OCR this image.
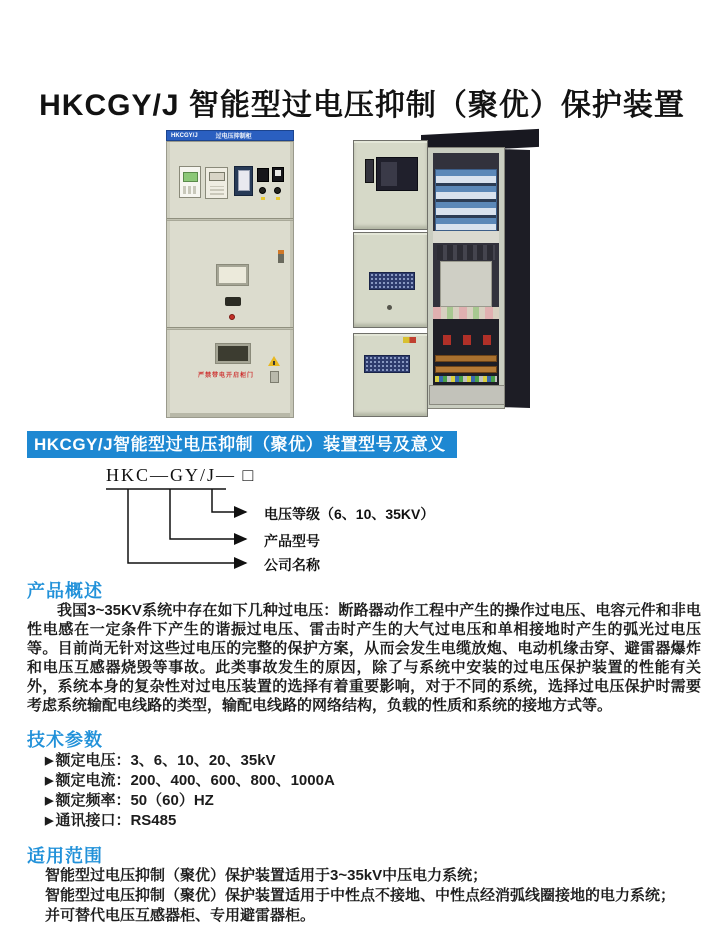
HKCGY/J 智能型过电压抑制（聚优）保护装置
HKCGY/J	过电压抑制柜
严禁带电开启柜门
HKCGY/J智能型过电压抑制（聚优）装置型号及意义
HKC—GY/J— □
电压等级（6、10、35KV）
产品型号
公司名称
产品概述

我国3~35KV系统中存在如下几种过电压：断路器动作工程中产生的操作过电压、电容元件和非电性电感在一定条件下产生的谐振过电压、雷击时产生的大气过电压和单相接地时产生的弧光过电压等。目前尚无针对这些过电压的完整的保护方案，从而会发生电缆放炮、电动机缘击穿、避雷器爆炸和电压互感器烧毁等事故。此类事故发生的原因，除了与系统中安装的过电压保护装置的性能有关外，系统本身的复杂性对过电压装置的选择有着重要影响，对于不同的系统，选择过电压保护时需要考虑系统输配电线路的类型，输配电线路的网络结构，负载的性质和系统的接地方式等。

技术参数
▶ 额定电压：3、6、10、20、35kV
▶ 额定电流：200、400、600、800、1000A
▶ 额定频率：50（60）HZ
▶ 通讯接口：RS485
适用范围
智能型过电压抑制（聚优）保护装置适用于3~35kV中压电力系统；
智能型过电压抑制（聚优）保护装置适用于中性点不接地、中性点经消弧线圈接地的电力系统；
并可替代电压互感器柜、专用避雷器柜。
